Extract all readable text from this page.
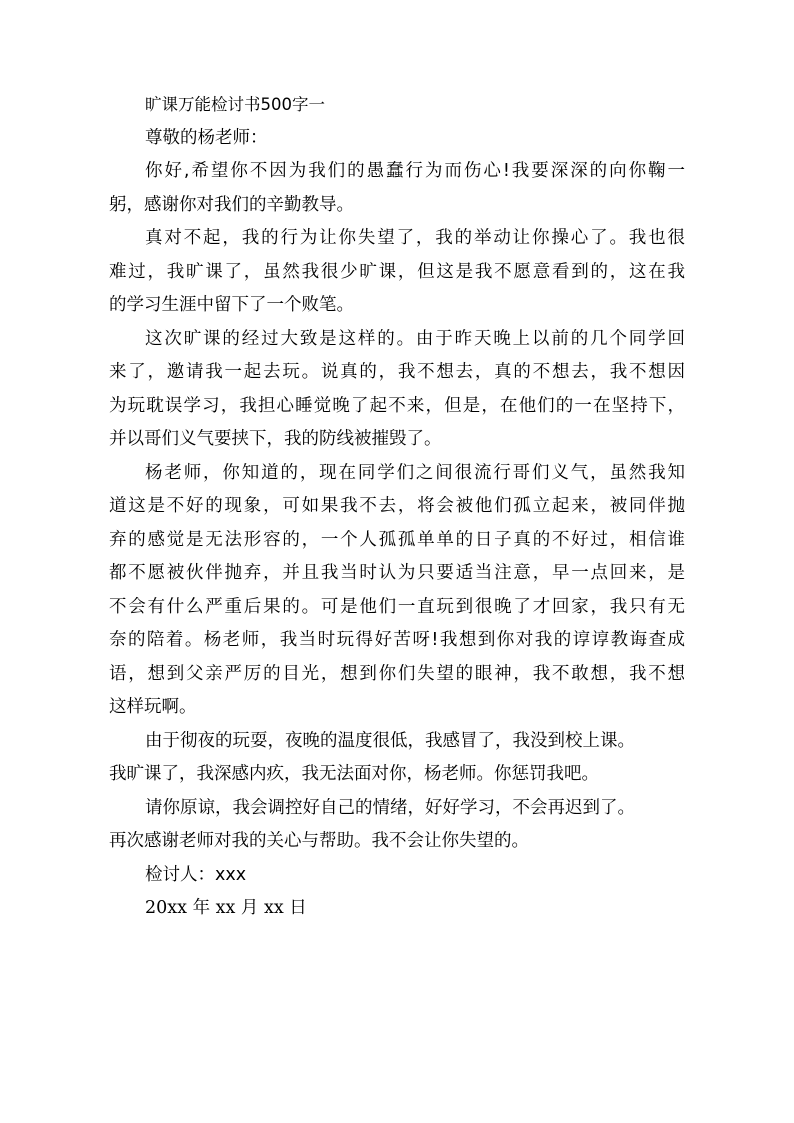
旷课万能检讨书500字一
尊敬的杨老师：
你好,希望你不因为我们的愚蠢行为而伤心!我要深深的向你鞠一
躬，感谢你对我们的辛勤教导。
真对不起，我的行为让你失望了，我的举动让你操心了。我也很
难过，我旷课了，虽然我很少旷课，但这是我不愿意看到的，这在我
的学习生涯中留下了一个败笔。
这次旷课的经过大致是这样的。由于昨天晚上以前的几个同学回
来了，邀请我一起去玩。说真的，我不想去，真的不想去，我不想因
为玩耽误学习，我担心睡觉晚了起不来，但是，在他们的一在坚持下，
并以哥们义气要挟下，我的防线被摧毁了。
杨老师，你知道的，现在同学们之间很流行哥们义气，虽然我知
道这是不好的现象，可如果我不去，将会被他们孤立起来，被同伴抛
弃的感觉是无法形容的，一个人孤孤单单的日子真的不好过，相信谁
都不愿被伙伴抛弃，并且我当时认为只要适当注意，早一点回来，是
不会有什么严重后果的。可是他们一直玩到很晚了才回家，我只有无
奈的陪着。杨老师，我当时玩得好苦呀!我想到你对我的谆谆教诲查成
语，想到父亲严厉的目光，想到你们失望的眼神，我不敢想，我不想
这样玩啊。
由于彻夜的玩耍，夜晚的温度很低，我感冒了，我没到校上课。
我旷课了，我深感内疚，我无法面对你，杨老师。你惩罚我吧。
请你原谅，我会调控好自己的情绪，好好学习，不会再迟到了。
再次感谢老师对我的关心与帮助。我不会让你失望的。
检讨人：xxx
20xx 年 xx 月 xx 日
